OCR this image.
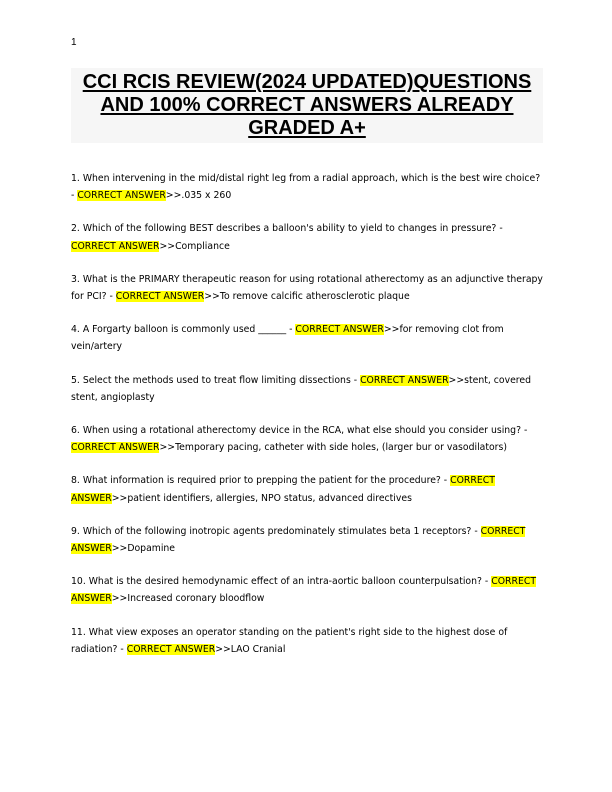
1
CCI RCIS REVIEW(2024 UPDATED)QUESTIONS AND 100% CORRECT ANSWERS ALREADY GRADED A+
1. When intervening in the mid/distal right leg from a radial approach, which is the best wire choice? - CORRECT ANSWER>>.035 x 260
2. Which of the following BEST describes a balloon's ability to yield to changes in pressure? - CORRECT ANSWER>>Compliance
3. What is the PRIMARY therapeutic reason for using rotational atherectomy as an adjunctive therapy for PCI? - CORRECT ANSWER>>To remove calcific atherosclerotic plaque
4. A Forgarty balloon is commonly used ______ - CORRECT ANSWER>>for removing clot from vein/artery
5. Select the methods used to treat flow limiting dissections - CORRECT ANSWER>>stent, covered stent, angioplasty
6. When using a rotational atherectomy device in the RCA, what else should you consider using? - CORRECT ANSWER>>Temporary pacing, catheter with side holes, (larger bur or vasodilators)
8. What information is required prior to prepping the patient for the procedure? - CORRECT ANSWER>>patient identifiers, allergies, NPO status, advanced directives
9. Which of the following inotropic agents predominately stimulates beta 1 receptors? - CORRECT ANSWER>>Dopamine
10. What is the desired hemodynamic effect of an intra-aortic balloon counterpulsation? - CORRECT ANSWER>>Increased coronary bloodflow
11. What view exposes an operator standing on the patient's right side to the highest dose of radiation? - CORRECT ANSWER>>LAO Cranial
